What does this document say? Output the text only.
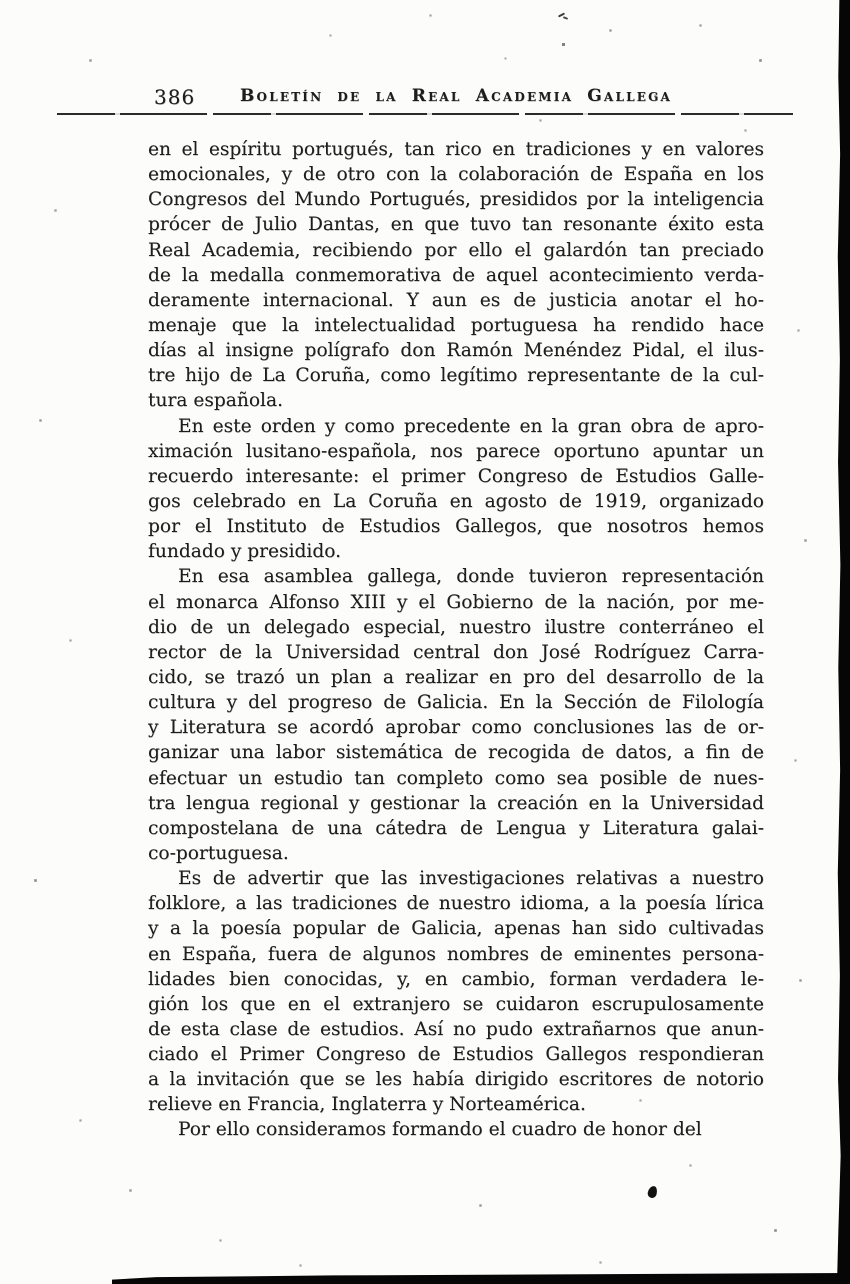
386	Boletín de la Real Academia Gallega
en el espíritu portugués, tan rico en tradiciones y en valores
emocionales, y de otro con la colaboración de España en los
Congresos del Mundo Portugués, presididos por la inteligencia
prócer de Julio Dantas, en que tuvo tan resonante éxito esta
Real Academia, recibiendo por ello el galardón tan preciado
de la medalla conmemorativa de aquel acontecimiento verda-
deramente internacional. Y aun es de justicia anotar el ho-
menaje que la intelectualidad portuguesa ha rendido hace
días al insigne polígrafo don Ramón Menéndez Pidal, el ilus-
tre hijo de La Coruña, como legítimo representante de la cul-
tura española.
En este orden y como precedente en la gran obra de apro-
ximación lusitano-española, nos parece oportuno apuntar un
recuerdo interesante: el primer Congreso de Estudios Galle-
gos celebrado en La Coruña en agosto de 1919, organizado
por el Instituto de Estudios Gallegos, que nosotros hemos
fundado y presidido.
En esa asamblea gallega, donde tuvieron representación
el monarca Alfonso XIII y el Gobierno de la nación, por me-
dio de un delegado especial, nuestro ilustre conterráneo el
rector de la Universidad central don José Rodríguez Carra-
cido, se trazó un plan a realizar en pro del desarrollo de la
cultura y del progreso de Galicia. En la Sección de Filología
y Literatura se acordó aprobar como conclusiones las de or-
ganizar una labor sistemática de recogida de datos, a fin de
efectuar un estudio tan completo como sea posible de nues-
tra lengua regional y gestionar la creación en la Universidad
compostelana de una cátedra de Lengua y Literatura galai-
co-portuguesa.
Es de advertir que las investigaciones relativas a nuestro
folklore, a las tradiciones de nuestro idioma, a la poesía lírica
y a la poesía popular de Galicia, apenas han sido cultivadas
en España, fuera de algunos nombres de eminentes persona-
lidades bien conocidas, y, en cambio, forman verdadera le-
gión los que en el extranjero se cuidaron escrupulosamente
de esta clase de estudios. Así no pudo extrañarnos que anun-
ciado el Primer Congreso de Estudios Gallegos respondieran
a la invitación que se les había dirigido escritores de notorio
relieve en Francia, Inglaterra y Norteamérica.
Por ello consideramos formando el cuadro de honor del
